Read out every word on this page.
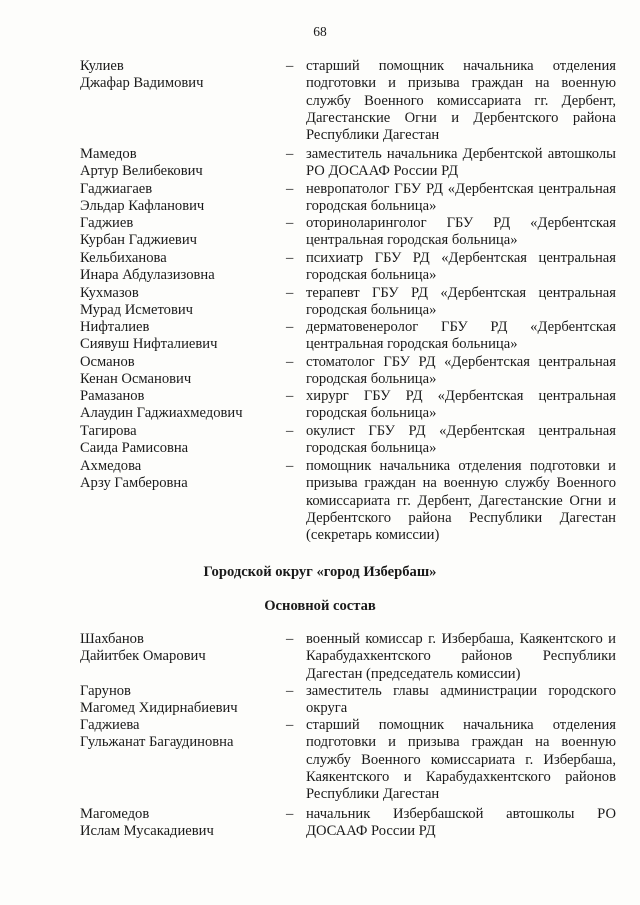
68
Кулиев
Джафар Вадимович
– старший помощник начальника отделения подготовки и призыва граждан на военную службу Военного комиссариата гг. Дербент, Дагестанские Огни и Дербентского района Республики Дагестан
Мамедов
Артур Велибекович
– заместитель начальника Дербентской автошколы РО ДОСААФ России РД
Гаджиагаев
Эльдар Кафланович
– невропатолог ГБУ РД «Дербентская центральная городская больница»
Гаджиев
Курбан Гаджиевич
– оториноларинголог ГБУ РД «Дербентская центральная городская больница»
Кельбиханова
Инара Абдулазизовна
– психиатр ГБУ РД «Дербентская центральная городская больница»
Кухмазов
Мурад Исметович
– терапевт ГБУ РД «Дербентская центральная городская больница»
Нифталиев
Сиявуш Нифталиевич
– дерматовенеролог ГБУ РД «Дербентская центральная городская больница»
Османов
Кенан Османович
– стоматолог ГБУ РД «Дербентская центральная городская больница»
Рамазанов
Алаудин Гаджиахмедович
– хирург ГБУ РД «Дербентская центральная городская больница»
Тагирова
Саида Рамисовна
– окулист ГБУ РД «Дербентская центральная городская больница»
Ахмедова
Арзу Гамберовна
– помощник начальника отделения подготовки и призыва граждан на военную службу Военного комиссариата гг. Дербент, Дагестанские Огни и Дербентского района Республики Дагестан (секретарь комиссии)
Городской округ «город Избербаш»
Основной состав
Шахбанов
Дайитбек Омарович
– военный комиссар г. Избербаша, Каякентского и Карабудахкентского районов Республики Дагестан (председатель комиссии)
Гарунов
Магомед Хидирнабиевич
– заместитель главы администрации городского округа
Гаджиева
Гульжанат Багаудиновна
– старший помощник начальника отделения подготовки и призыва граждан на военную службу Военного комиссариата г. Избербаша, Каякентского и Карабудахкентского районов Республики Дагестан
Магомедов
Ислам Мусакадиевич
– начальник Избербашской автошколы РО ДОСААФ России РД
